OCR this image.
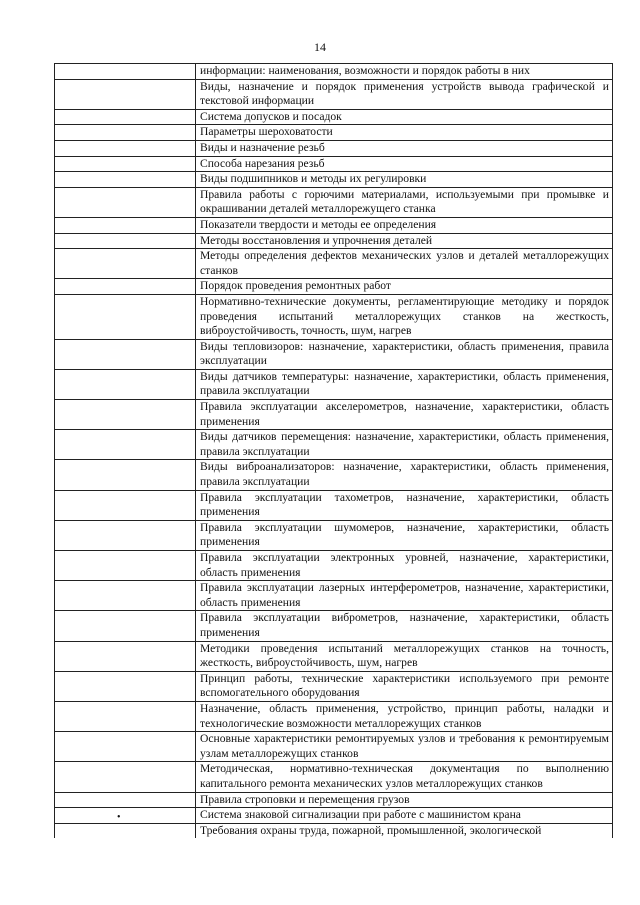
14
	информации: наименования, возможности и порядок работы в них
	Виды, назначение и порядок применения устройств вывода графической и текстовой информации
	Система допусков и посадок
	Параметры шероховатости
	Виды и назначение резьб
	Способа нарезания резьб
	Виды подшипников и методы их регулировки
	Правила работы с горючими материалами, используемыми при промывке и окрашивании деталей металлорежущего станка
	Показатели твердости и методы ее определения
	Методы восстановления и упрочнения деталей
	Методы определения дефектов механических узлов и деталей металлорежущих станков
	Порядок проведения ремонтных работ
	Нормативно-технические документы, регламентирующие методику и порядок проведения испытаний металлорежущих станков на жесткость, виброустойчивость, точность, шум, нагрев
	Виды тепловизоров: назначение, характеристики, область применения, правила эксплуатации
	Виды датчиков температуры: назначение, характеристики, область применения, правила эксплуатации
	Правила эксплуатации акселерометров, назначение, характеристики, область применения
	Виды датчиков перемещения: назначение, характеристики, область применения, правила эксплуатации
	Виды виброанализаторов: назначение, характеристики, область применения, правила эксплуатации
	Правила эксплуатации тахометров, назначение, характеристики, область применения
	Правила эксплуатации шумомеров, назначение, характеристики, область применения
	Правила эксплуатации электронных уровней, назначение, характеристики, область применения
	Правила эксплуатации лазерных интерферометров, назначение, характеристики, область применения
	Правила эксплуатации виброметров, назначение, характеристики, область применения
	Методики проведения испытаний металлорежущих станков на точность, жесткость, виброустойчивость, шум, нагрев
	Принцип работы, технические характеристики используемого при ремонте вспомогательного оборудования
	Назначение, область применения, устройство, принцип работы, наладки и технологические возможности металлорежущих станков
	Основные характеристики ремонтируемых узлов и требования к ремонтируемым узлам металлорежущих станков
	Методическая, нормативно-техническая документация по выполнению капитального ремонта механических узлов металлорежущих станков
	Правила строповки и перемещения грузов

•	Система знаковой сигнализации при работе с машинистом крана
	Требования охраны труда, пожарной, промышленной, экологической
